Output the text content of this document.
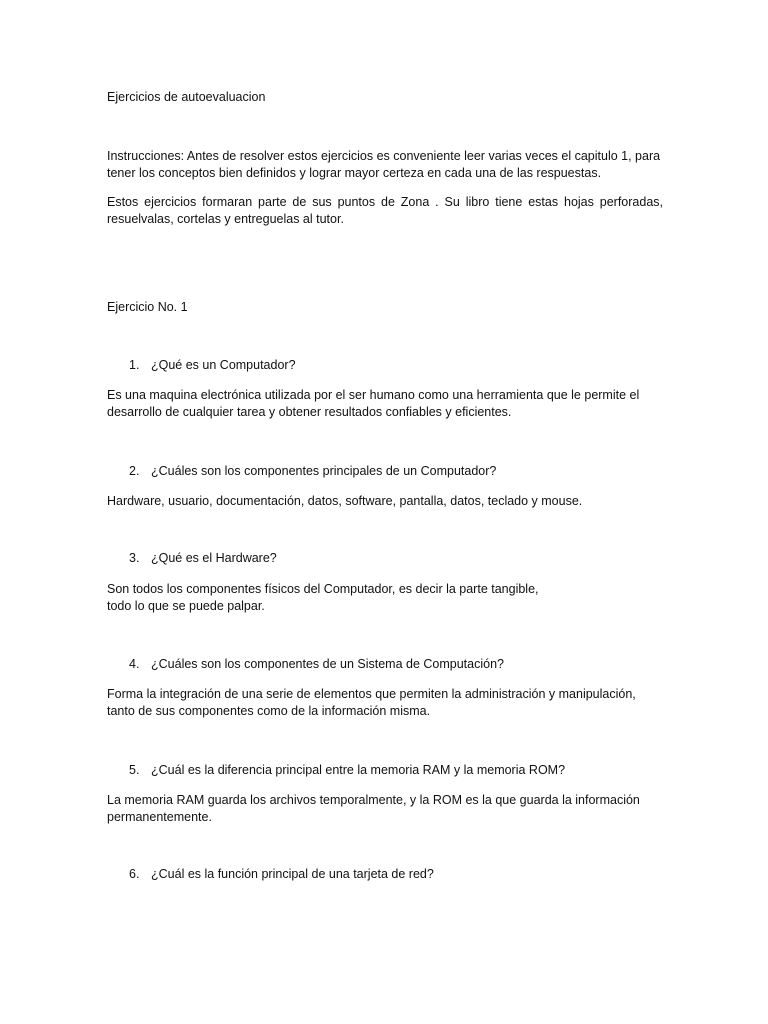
Ejercicios de autoevaluacion

Instrucciones: Antes de resolver estos ejercicios es conveniente leer varias veces el capitulo 1, para tener los conceptos bien definidos y lograr mayor certeza en cada una de las respuestas.

Estos ejercicios formaran parte de sus puntos de Zona . Su libro tiene estas hojas perforadas, resuelvalas, cortelas y entreguelas al tutor.

Ejercicio No. 1

1. ¿Qué es un Computador?

Es una maquina electrónica utilizada por el ser humano como una herramienta que le permite el desarrollo de cualquier tarea y obtener resultados confiables y eficientes.

2. ¿Cuáles son los componentes principales de un Computador?

Hardware, usuario, documentación, datos, software, pantalla, datos, teclado y mouse.

3. ¿Qué es el Hardware?

Son todos los componentes físicos del Computador, es decir la parte tangible, todo lo que se puede palpar.

4. ¿Cuáles son los componentes de un Sistema de Computación?

Forma la integración de una serie de elementos que permiten la administración y manipulación, tanto de sus componentes como de la información misma.

5. ¿Cuál es la diferencia principal entre la memoria RAM y la memoria ROM?

La memoria RAM guarda los archivos temporalmente, y la ROM es la que guarda la información permanentemente.

6. ¿Cuál es la función principal de una tarjeta de red?
